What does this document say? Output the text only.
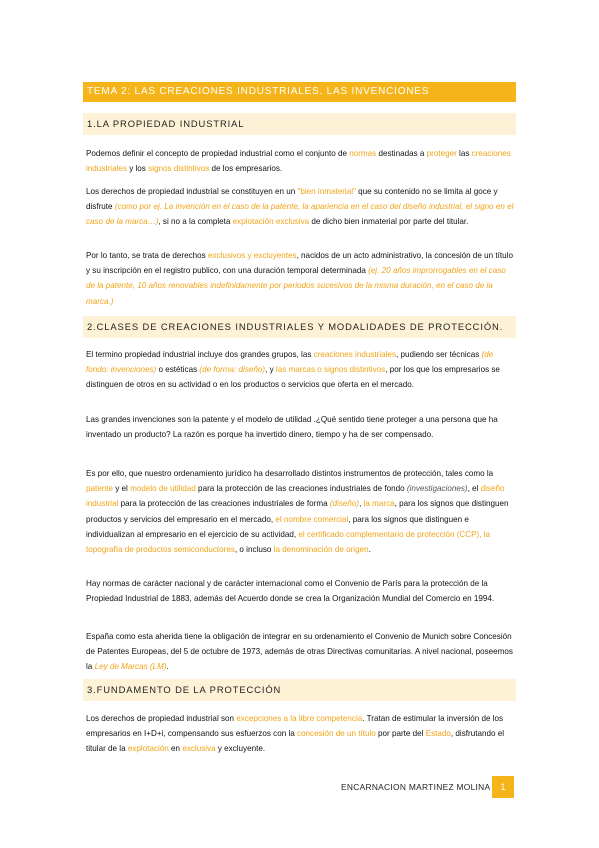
TEMA 2: LAS CREACIONES INDUSTRIALES. LAS INVENCIONES
1.LA PROPIEDAD INDUSTRIAL
Podemos definir el concepto de propiedad industrial como el conjunto de normas destinadas a proteger las creaciones industriales y los signos distintivos de los empresarios.
Los derechos de propiedad industrial se constituyen en un "bien inmaterial" que su contenido no se limita al goce y disfrute (como por ej. La invención en el caso de la patente, la apariencia en el caso del diseño industrial, el signo en el caso de la marca…), si no a la completa explotación exclusiva de dicho bien inmaterial por parte del titular.
Por lo tanto, se trata de derechos exclusivos y excluyentes, nacidos de un acto administrativo, la concesión de un título y su inscripción en el registro publico, con una duración temporal determinada (ej. 20 años improrrogables en el caso de la patente, 10 años renovables indefinidamente por periodos sucesivos de la misma duración, en el caso de la marca.)
2.CLASES DE CREACIONES INDUSTRIALES Y MODALIDADES DE PROTECCIÓN.
El termino propiedad industrial incluye dos grandes grupos, las creaciones industriales, pudiendo ser técnicas (de fondo: invenciones) o estéticas (de forma: diseño), y las marcas o signos distintivos, por los que los empresarios se distinguen de otros en su actividad o en los productos o servicios que oferta en el mercado.
Las grandes invenciones son la patente y el modelo de utilidad .¿Qué sentido tiene proteger a una persona que ha inventado un producto? La razón es porque ha invertido dinero, tiempo y ha de ser compensado.
Es por ello, que nuestro ordenamiento jurídico ha desarrollado distintos instrumentos de protección, tales como la patente y el modelo de utilidad para la protección de las creaciones industriales de fondo (investigaciones), el diseño industrial para la protección de las creaciones industriales de forma (diseño), la marca, para los signos que distinguen productos y servicios del empresario en el mercado, el nombre comercial, para los signos que distinguen e individualizan al empresario en el ejercicio de su actividad, el certificado complementario de protección (CCP), la topografía de productos semiconductores, o incluso la denominación de origen.
Hay normas de carácter nacional y de carácter internacional como el Convenio de París para la protección de la Propiedad Industrial de 1883, además del Acuerdo donde se crea la Organización Mundial del Comercio en 1994.
España como esta aherida tiene la obligación de integrar en su ordenamiento el Convenio de Munich sobre Concesión de Patentes Europeas, del 5 de octubre de 1973, además de otras Directivas comunitarias. A nivel nacional, poseemos la Ley de Marcas (LM).
3.FUNDAMENTO DE LA PROTECCIÓN
Los derechos de propiedad industrial son excepciones a la libre competencia. Tratan de estimular la inversión de los empresarios en I+D+i, compensando sus esfuerzos con la concesión de un título por parte del Estado, disfrutando el titular de la explotación en exclusiva y excluyente.
ENCARNACION MARTINEZ MOLINA	1
